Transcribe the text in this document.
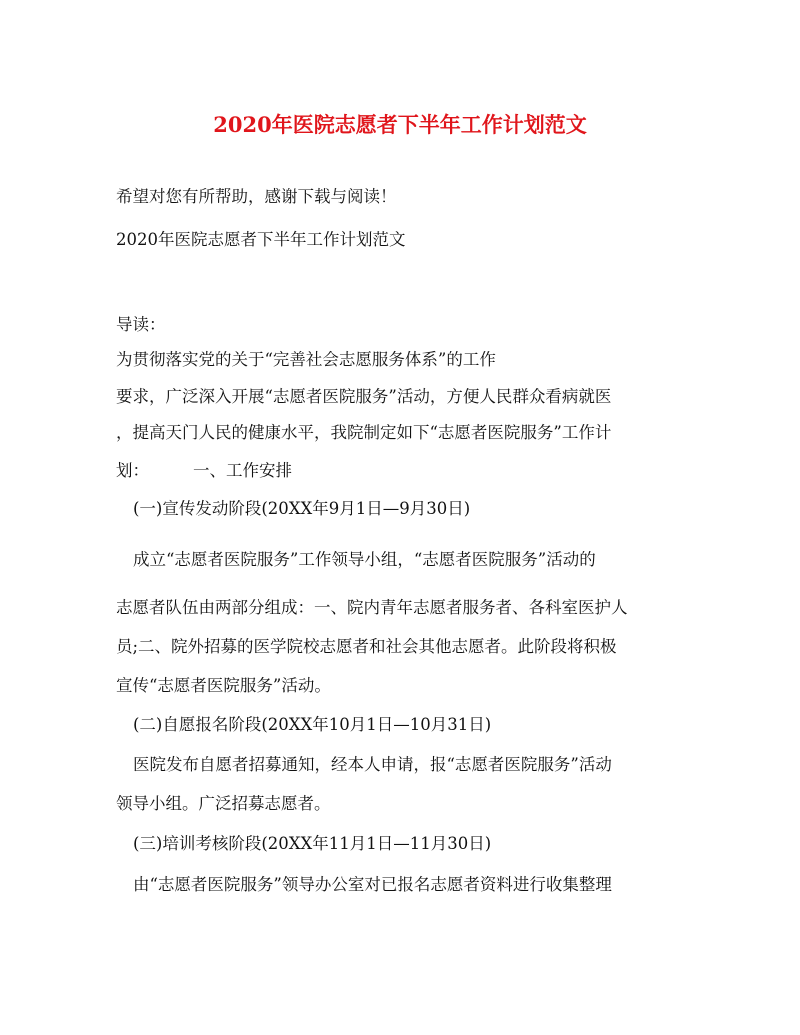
2020年医院志愿者下半年工作计划范文
希望对您有所帮助，感谢下载与阅读！
2020年医院志愿者下半年工作计划范文
导读：
为贯彻落实党的关于“完善社会志愿服务体系”的工作
要求，广泛深入开展“志愿者医院服务”活动，方便人民群众看病就医
，提高天门人民的健康水平，我院制定如下“志愿者医院服务”工作计
划：	一、工作安排
(一)宣传发动阶段(20XX年9月1日—9月30日)
成立“志愿者医院服务”工作领导小组，“志愿者医院服务”活动的
志愿者队伍由两部分组成：一、院内青年志愿者服务者、各科室医护人
员;二、院外招募的医学院校志愿者和社会其他志愿者。此阶段将积极
宣传“志愿者医院服务”活动。
(二)自愿报名阶段(20XX年10月1日—10月31日)
医院发布自愿者招募通知，经本人申请，报“志愿者医院服务”活动
领导小组。广泛招募志愿者。
(三)培训考核阶段(20XX年11月1日—11月30日)
由“志愿者医院服务”领导办公室对已报名志愿者资料进行收集整理
